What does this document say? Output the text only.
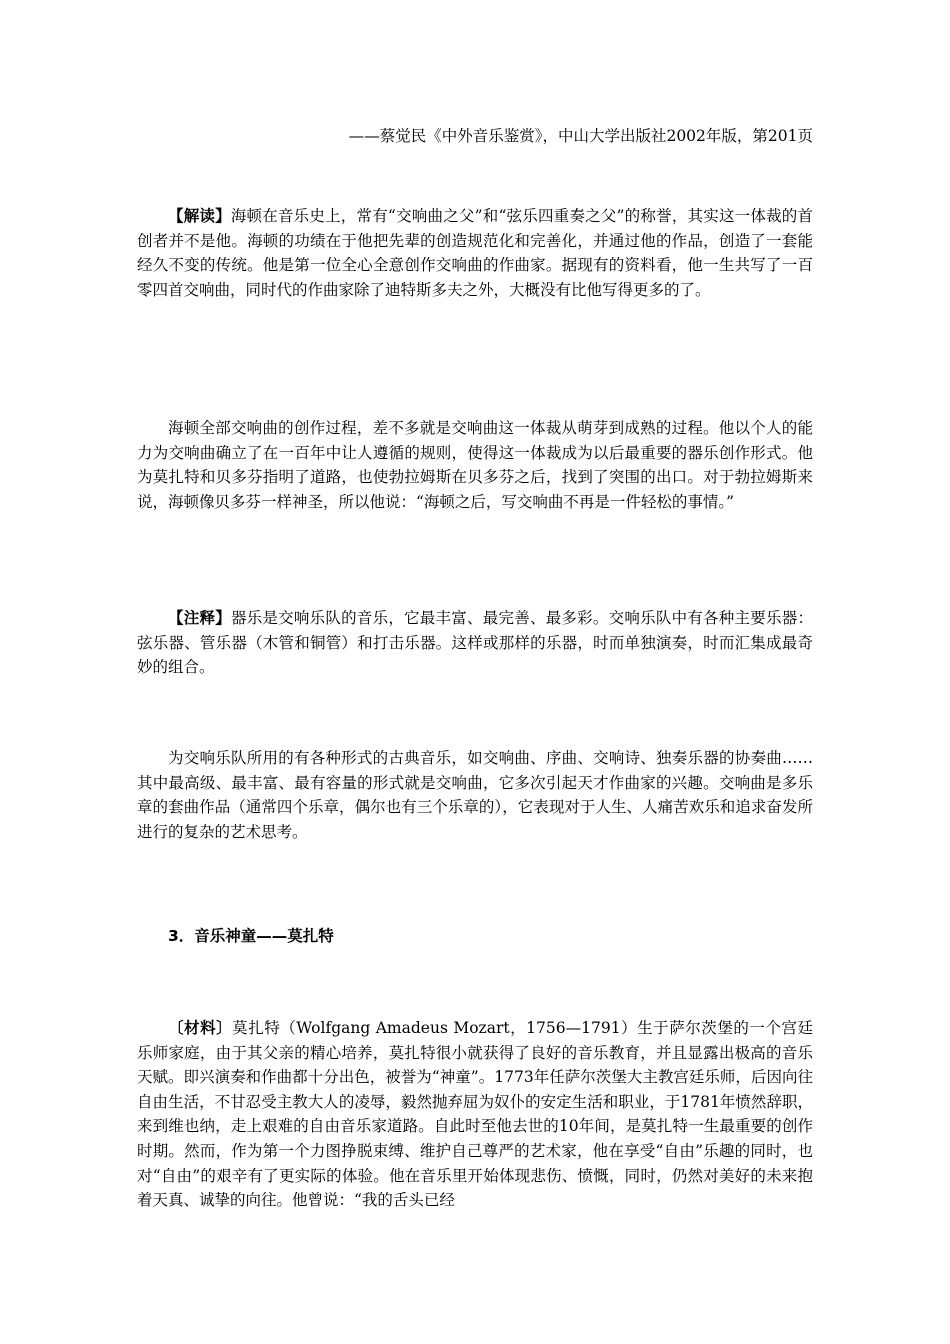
——蔡觉民《中外音乐鉴赏》，中山大学出版社2002年版，第201页

【解读】海顿在音乐史上，常有“交响曲之父”和“弦乐四重奏之父”的称誉，其实这一体裁的首创者并不是他。海顿的功绩在于他把先辈的创造规范化和完善化，并通过他的作品，创造了一套能经久不变的传统。他是第一位全心全意创作交响曲的作曲家。据现有的资料看，他一生共写了一百零四首交响曲，同时代的作曲家除了迪特斯多夫之外，大概没有比他写得更多的了。

海顿全部交响曲的创作过程，差不多就是交响曲这一体裁从萌芽到成熟的过程。他以个人的能力为交响曲确立了在一百年中让人遵循的规则，使得这一体裁成为以后最重要的器乐创作形式。他为莫扎特和贝多芬指明了道路，也使勃拉姆斯在贝多芬之后，找到了突围的出口。对于勃拉姆斯来说，海顿像贝多芬一样神圣，所以他说：“海顿之后，写交响曲不再是一件轻松的事情。”

【注释】器乐是交响乐队的音乐，它最丰富、最完善、最多彩。交响乐队中有各种主要乐器：弦乐器、管乐器（木管和铜管）和打击乐器。这样或那样的乐器，时而单独演奏，时而汇集成最奇妙的组合。

为交响乐队所用的有各种形式的古典音乐，如交响曲、序曲、交响诗、独奏乐器的协奏曲……其中最高级、最丰富、最有容量的形式就是交响曲，它多次引起天才作曲家的兴趣。交响曲是多乐章的套曲作品（通常四个乐章，偶尔也有三个乐章的），它表现对于人生、人痛苦欢乐和追求奋发所进行的复杂的艺术思考。

3．音乐神童——莫扎特

〔材料〕莫扎特（Wolfgang Amadeus Mozart，1756—1791）生于萨尔茨堡的一个宫廷乐师家庭，由于其父亲的精心培养，莫扎特很小就获得了良好的音乐教育，并且显露出极高的音乐天赋。即兴演奏和作曲都十分出色，被誉为“神童”。1773年任萨尔茨堡大主教宫廷乐师，后因向往自由生活，不甘忍受主教大人的凌辱，毅然抛弃屈为奴仆的安定生活和职业，于1781年愤然辞职，来到维也纳，走上艰难的自由音乐家道路。自此时至他去世的10年间，是莫扎特一生最重要的创作时期。然而，作为第一个力图挣脱束缚、维护自己尊严的艺术家，他在享受“自由”乐趣的同时，也对“自由”的艰辛有了更实际的体验。他在音乐里开始体现悲伤、愤慨，同时，仍然对美好的未来抱着天真、诚挚的向往。他曾说：“我的舌头已经
